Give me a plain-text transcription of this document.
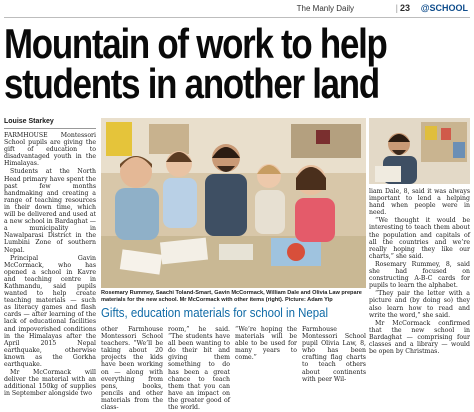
The Manly Daily	| 23 @SCHOOL
Mountain of work to help
students in another land
Louise Starkey

FARMHOUSE Montessori School pupils are giving the gift of education to disadvantaged youth in the Himalayas.

Students at the North Head primary have spent the past few months handmaking and creating a range of teaching resources in their down time, which will be delivered and used at a new school in Bardaghat — a municipality in Nawalparasi District in the Lumbini Zone of southern Nepal.

Principal Gavin McCormack, who has opened a school in Kavre and teaching centre in Kathmandu, said pupils wanted to help create teaching materials — such as literacy games and flash cards — after learning of the lack of educational facilities and impoverished conditions in the Himalayas after the April 2015 Nepal earthquake, otherwise known as the Gorkha earthquake.

Mr McCormack will deliver the material with an additional 150kg of supplies in September alongside two

Rosemary Rummey, Saachi Toland-Smart, Gavin McCormack, William Dale and Olivia Law prepare materials for the new school. Mr McCormack with other items (right). Picture: Adam Yip

liam Dale, 8, said it was always important to lend a helping hand when people were in need.

“We thought it would be interesting to teach them about the population and capitals of all the countries and we’re really hoping they like our charts,” she said.

Rosemary Rummey, 8, said she had focused on constructing A-B-C cards for pupils to learn the alphabet.

“They pair the letter with a picture and (by doing so) they also learn how to read and write the word,” she said.

Mr McCormack confirmed that the new school in Bardaghat — comprising four classes and a library — would be open by Christmas.

Gifts, education materials for school in Nepal

other Farmhouse Montessori School teachers. “We’ll be taking about 20 projects the kids have been working on — along with everything from pens, books, pencils and other materials from the class-

room,” he said. “The students have all been wanting to do their bit and giving them something to do has been a great chance to teach them that you can have an impact on the greater good of the world.

“We’re hoping the materials will be able to be used for many years to come.”

Farmhouse Montessori School pupil Olivia Law, 8, who has been crafting flag charts to teach others about continents with peer Wil-
